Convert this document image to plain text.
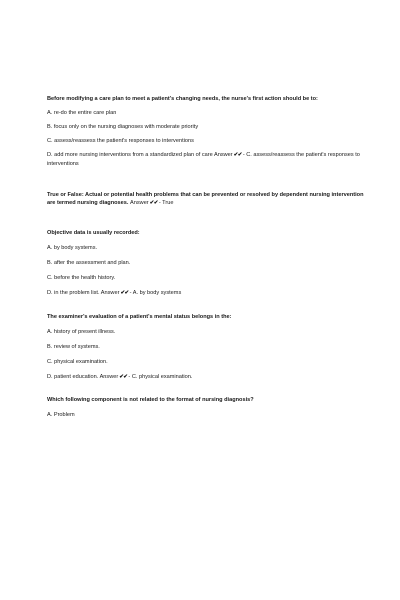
Before modifying a care plan to meet a patient's changing needs, the nurse's first action should be to:

A. re-do the entire care plan

B. focus only on the nursing diagnoses with moderate priority

C. assess/reassess the patient's responses to interventions

D. add more nursing interventions from a standardized plan of care Answer✔✔- C. assess/reassess the patient's responses to interventions

True or False: Actual or potential health problems that can be prevented or resolved by dependent nursing intervention are termed nursing diagnoses. Answer✔✔- True

Objective data is usually recorded:

A. by body systems.

B. after the assessment and plan.

C. before the health history.

D. in the problem list. Answer✔✔- A. by body systems

The examiner's evaluation of a patient's mental status belongs in the:

A. history of present illness.

B. review of systems.

C. physical examination.

D. patient education. Answer✔✔- C. physical examination.

Which following component is not related to the format of nursing diagnosis?

A. Problem
